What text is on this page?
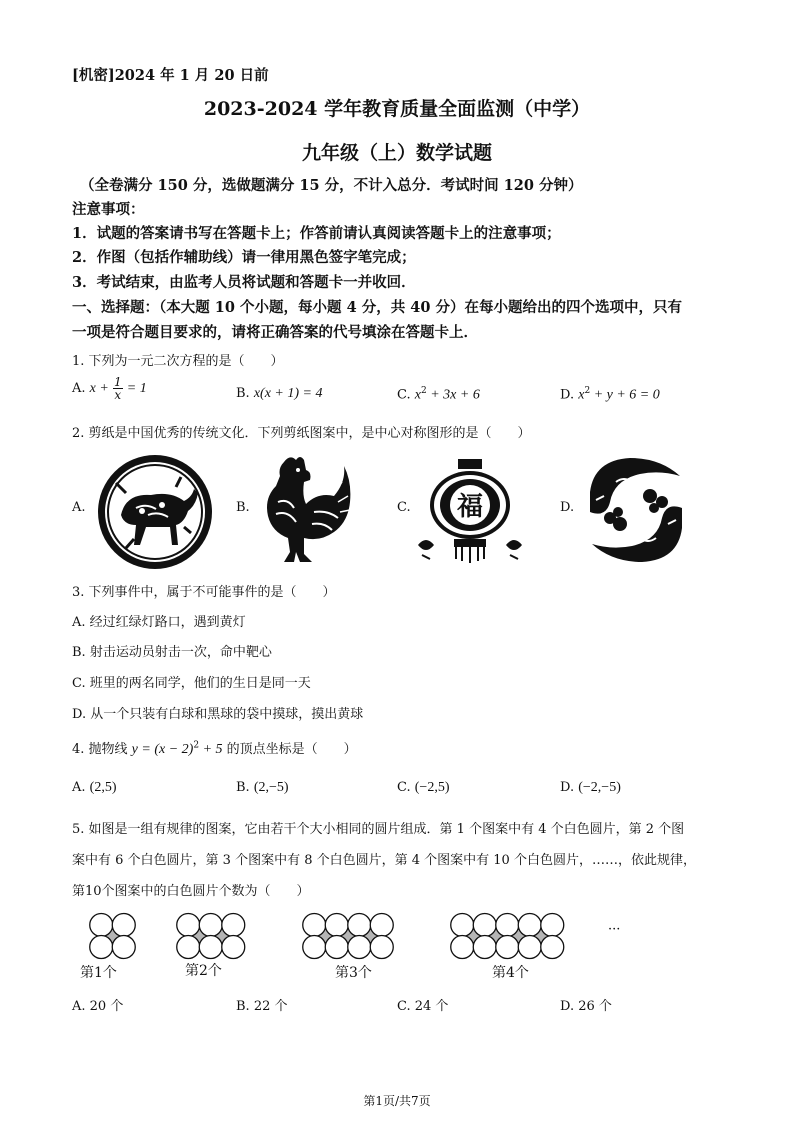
[机密]2024 年 1 月 20 日前
2023-2024 学年教育质量全面监测（中学）
九年级（上）数学试题
（全卷满分 150 分，选做题满分 15 分，不计入总分．考试时间 120 分钟）
注意事项：
1．试题的答案请书写在答题卡上；作答前请认真阅读答题卡上的注意事项；
2．作图（包括作辅助线）请一律用黑色签字笔完成；
3．考试结束，由监考人员将试题和答题卡一并收回．
一、选择题：（本大题 10 个小题，每小题 4 分，共 40 分）在每小题给出的四个选项中，只有
一项是符合题目要求的，请将正确答案的代号填涂在答题卡上．
1. 下列为一元二次方程的是（　　）
A. $x + \frac{1}{x} = 1$	B. x(x + 1) = 4	C. $x^2 + 3x + 6$	D. $x^2 + y + 6 = 0$
2. 剪纸是中国优秀的传统文化．下列剪纸图案中，是中心对称图形的是（　　）
A.	B.	C.	D.
福
3. 下列事件中，属于不可能事件的是（　　）
A. 经过红绿灯路口，遇到黄灯
B. 射击运动员射击一次，命中靶心
C. 班里的两名同学，他们的生日是同一天
D. 从一个只装有白球和黑球的袋中摸球，摸出黄球
4. 抛物线 $y = (x - 2)^2 + 5$ 的顶点坐标是（　　）
A. (2,5)	B. (2,−5)	C. (−2,5)	D. (−2,−5)
5. 如图是一组有规律的图案，它由若干个大小相同的圆片组成．第 1 个图案中有 4 个白色圆片，第 2 个图
案中有 6 个白色圆片，第 3 个图案中有 8 个白色圆片，第 4 个图案中有 10 个白色圆片，……，依此规律，
第10个图案中的白色圆片个数为（　　）
第1个	第2个	第3个	第4个
···
A. 20 个	B. 22 个	C. 24 个	D. 26 个
第1页/共7页
